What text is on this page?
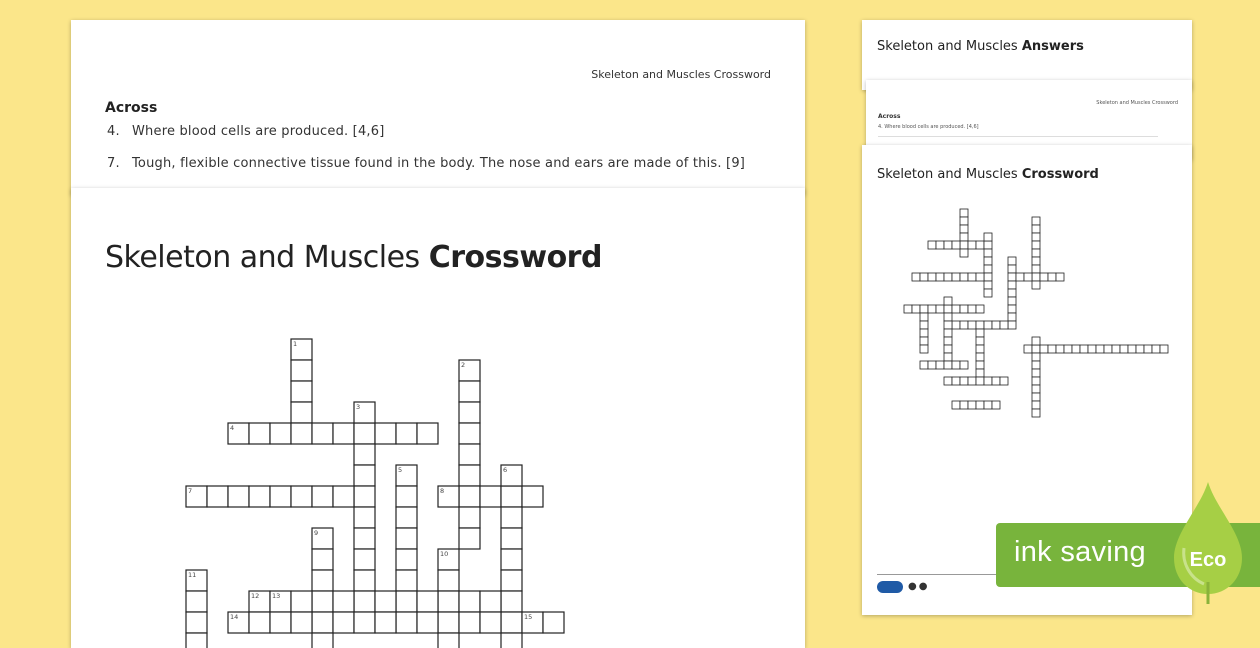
Skeleton and Muscles Crossword
Across
4. Where blood cells are produced. [4,6]
7. Tough, flexible connective tissue found in the body. The nose and ears are made of this. [9]
Skeleton and Muscles Crossword
1
2
3
4
5	6
7	8
9
10
11
12 13
14	15
Skeleton and Muscles Answers
Skeleton and Muscles Crossword
Across
4. Where blood cells are produced. [4,6]
Skeleton and Muscles Crossword
●●
ink saving Eco
